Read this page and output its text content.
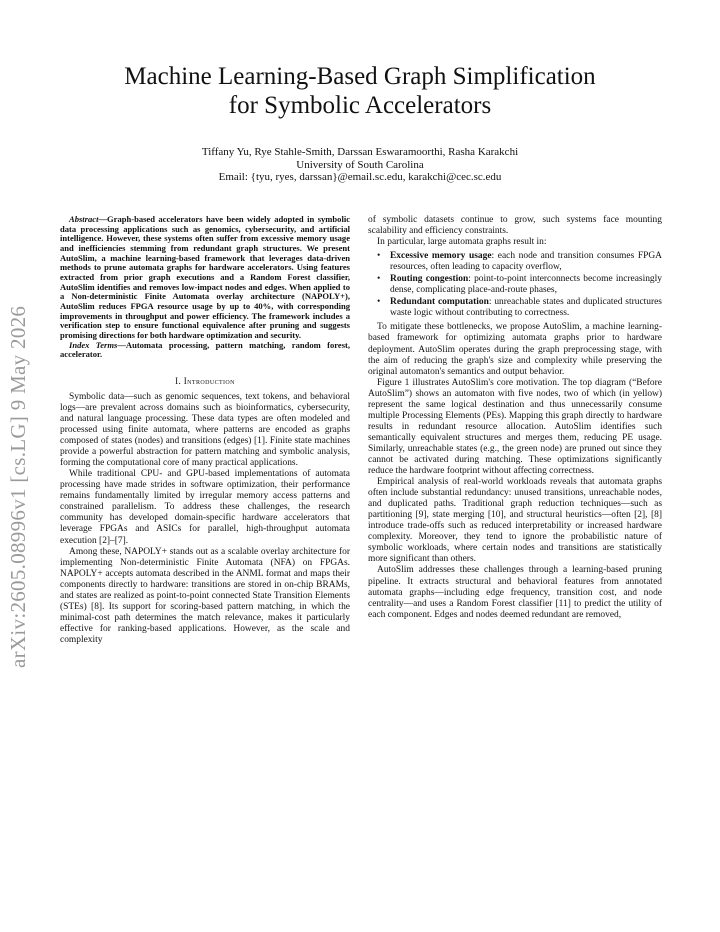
arXiv:2605.08996v1 [cs.LG] 9 May 2026
Machine Learning-Based Graph Simplification
for Symbolic Accelerators
Tiffany Yu, Rye Stahle-Smith, Darssan Eswaramoorthi, Rasha Karakchi
University of South Carolina
Email: {tyu, ryes, darssan}@email.sc.edu, karakchi@cec.sc.edu

Abstract—Graph-based accelerators have been widely adopted in symbolic data processing applications such as genomics, cybersecurity, and artificial intelligence. However, these systems often suffer from excessive memory usage and inefficiencies stemming from redundant graph structures. We present AutoSlim, a machine learning-based framework that leverages data-driven methods to prune automata graphs for hardware accelerators. Using features extracted from prior graph executions and a Random Forest classifier, AutoSlim identifies and removes low-impact nodes and edges. When applied to a Non-deterministic Finite Automata overlay architecture (NAPOLY+), AutoSlim reduces FPGA resource usage by up to 40%, with corresponding improvements in throughput and power efficiency. The framework includes a verification step to ensure functional equivalence after pruning and suggests promising directions for both hardware optimization and security.

Index Terms—Automata processing, pattern matching, random forest, accelerator.

I. Introduction

Symbolic data—such as genomic sequences, text tokens, and behavioral logs—are prevalent across domains such as bioinformatics, cybersecurity, and natural language processing. These data types are often modeled and processed using finite automata, where patterns are encoded as graphs composed of states (nodes) and transitions (edges) [1]. Finite state machines provide a powerful abstraction for pattern matching and symbolic analysis, forming the computational core of many practical applications.

While traditional CPU- and GPU-based implementations of automata processing have made strides in software optimization, their performance remains fundamentally limited by irregular memory access patterns and constrained parallelism. To address these challenges, the research community has developed domain-specific hardware accelerators that leverage FPGAs and ASICs for parallel, high-throughput automata execution [2]–[7].

Among these, NAPOLY+ stands out as a scalable overlay architecture for implementing Non-deterministic Finite Automata (NFA) on FPGAs. NAPOLY+ accepts automata described in the ANML format and maps their components directly to hardware: transitions are stored in on-chip BRAMs, and states are realized as point-to-point connected State Transition Elements (STEs) [8]. Its support for scoring-based pattern matching, in which the minimal-cost path determines the match relevance, makes it particularly effective for ranking-based applications. However, as the scale and complexity

of symbolic datasets continue to grow, such systems face mounting scalability and efficiency constraints.

In particular, large automata graphs result in:

• Excessive memory usage: each node and transition consumes FPGA resources, often leading to capacity overflow,
• Routing congestion: point-to-point interconnects become increasingly dense, complicating place-and-route phases,
• Redundant computation: unreachable states and duplicated structures waste logic without contributing to correctness.

To mitigate these bottlenecks, we propose AutoSlim, a machine learning-based framework for optimizing automata graphs prior to hardware deployment. AutoSlim operates during the graph preprocessing stage, with the aim of reducing the graph's size and complexity while preserving the original automaton's semantics and output behavior.

Figure 1 illustrates AutoSlim's core motivation. The top diagram (“Before AutoSlim”) shows an automaton with five nodes, two of which (in yellow) represent the same logical destination and thus unnecessarily consume multiple Processing Elements (PEs). Mapping this graph directly to hardware results in redundant resource allocation. AutoSlim identifies such semantically equivalent structures and merges them, reducing PE usage. Similarly, unreachable states (e.g., the green node) are pruned out since they cannot be activated during matching. These optimizations significantly reduce the hardware footprint without affecting correctness.

Empirical analysis of real-world workloads reveals that automata graphs often include substantial redundancy: unused transitions, unreachable nodes, and duplicated paths. Traditional graph reduction techniques—such as partitioning [9], state merging [10], and structural heuristics—often [2], [8] introduce trade-offs such as reduced interpretability or increased hardware complexity. Moreover, they tend to ignore the probabilistic nature of symbolic workloads, where certain nodes and transitions are statistically more significant than others.

AutoSlim addresses these challenges through a learning-based pruning pipeline. It extracts structural and behavioral features from annotated automata graphs—including edge frequency, transition cost, and node centrality—and uses a Random Forest classifier [11] to predict the utility of each component. Edges and nodes deemed redundant are removed,
